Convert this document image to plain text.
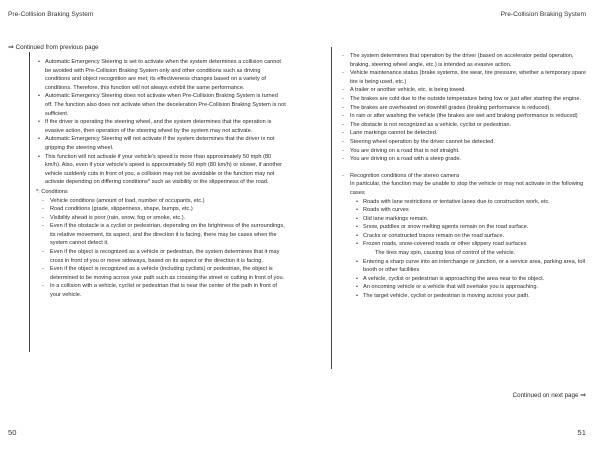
Pre-Collision Braking System	Pre-Collision Braking System
⇒ Continued from previous page
• Automatic Emergency Steering is set to activate when the system determines a collision cannot be avoided with Pre-Collision Braking System only and other conditions such as driving conditions and object recognition are met; its effectiveness changes based on a variety of conditions. Therefore, this function will not always exhibit the same performance.
• Automatic Emergency Steering does not activate when Pre-Collision Braking System is turned off. The function also does not activate when the deceleration Pre-Collision Braking System is not sufficient.
• If the driver is operating the steering wheel, and the system determines that the operation is evasive action, then operation of the steering wheel by the system may not activate.
• Automatic Emergency Steering will not activate if the system determines that the driver is not gripping the steering wheel.
• This function will not activate if your vehicle's speed is more than approximately 50 mph (80 km/h). Also, even if your vehicle's speed is approximately 50 mph (80 km/h) or slower, if another vehicle suddenly cuts in front of you, a collision may not be avoidable or the function may not activate depending on differing conditions* such as visibility or the slipperiness of the road.
*: Conditions
- Vehicle conditions (amount of load, number of occupants, etc.)
- Road conditions (grade, slipperiness, shape, bumps, etc.)
- Visibility ahead is poor (rain, snow, fog or smoke, etc.).
- Even if the obstacle is a cyclist or pedestrian, depending on the brightness of the surroundings, its relative movement, its aspect, and the direction it is facing, there may be cases when the system cannot detect it.
- Even if the object is recognized as a vehicle or pedestrian, the system determines that it may cross in front of you or move sideways, based on its aspect or the direction it is facing.
- Even if the object is recognized as a vehicle (including cyclists) or pedestrian, the object is determined to be moving across your path such as crossing the street or cutting in front of you.
- In a collision with a vehicle, cyclist or pedestrian that is near the center of the path in front of your vehicle.
- The system determines that operation by the driver (based on accelerator pedal operation, braking, steering wheel angle, etc.) is intended as evasive action.
- Vehicle maintenance status (brake systems, tire wear, tire pressure, whether a temporary spare tire is being used, etc.)
- A trailer or another vehicle, etc. is being towed.
- The brakes are cold due to the outside temperature being low or just after starting the engine.
- The brakes are overheated on downhill grades (braking performance is reduced).
- In rain or after washing the vehicle (the brakes are wet and braking performance is reduced)
- The obstacle is not recognized as a vehicle, cyclist or pedestrian.
- Lane markings cannot be detected.
- Steering wheel operation by the driver cannot be detected.
- You are driving on a road that is not straight.
- You are driving on a road with a steep grade.
- Recognition conditions of the stereo camera
In particular, the function may be unable to stop the vehicle or may not activate in the following cases
• Roads with lane restrictions or tentative lanes due to construction work, etc.
• Roads with curves
• Old lane markings remain.
• Snow, puddles or snow melting agents remain on the road surface.
• Cracks or constructed traces remain on the road surface.
• Frozen roads, snow-covered roads or other slippery road surfaces
The tires may spin, causing loss of control of the vehicle.
• Entering a sharp curve into an interchange or junction, or a service area, parking area, toll booth or other facilities
• A vehicle, cyclist or pedestrian is approaching the area near to the object.
• An oncoming vehicle or a vehicle that will overtake you is approaching.
• The target vehicle, cyclist or pedestrian is moving across your path.
Continued on next page ⇒
50	51
